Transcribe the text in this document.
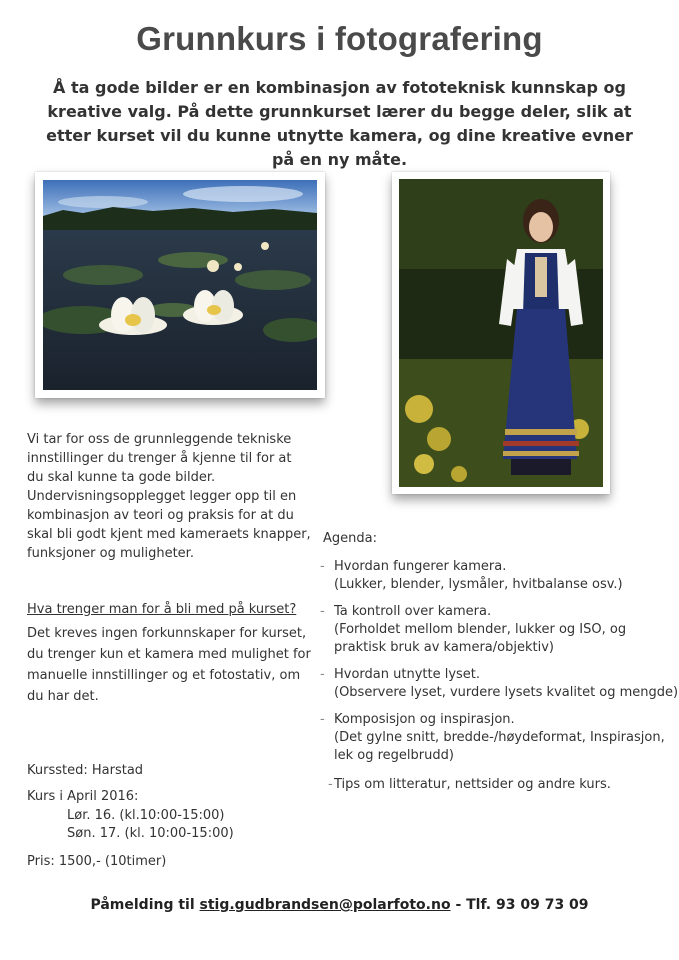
Grunnkurs i fotografering
Å ta gode bilder er en kombinasjon av fototeknisk kunnskap og kreative valg. På dette grunnkurset lærer du begge deler, slik at etter kurset vil du kunne utnytte kamera, og dine kreative evner på en ny måte.
Vi tar for oss de grunnleggende tekniske innstillinger du trenger å kjenne til for at du skal kunne ta gode bilder. Undervisningsopplegget legger opp til en kombinasjon av teori og praksis for at du skal bli godt kjent med kameraets knapper, funksjoner og muligheter.
Hva trenger man for å bli med på kurset?
Det kreves ingen forkunnskaper for kurset, du trenger kun et kamera med mulighet for manuelle innstillinger og et fotostativ, om du har det.
Kurssted: Harstad
Kurs i April 2016:
Lør. 16. (kl.10:00-15:00)
Søn. 17. (kl. 10:00-15:00)
Pris: 1500,- (10timer)
Agenda:
- Hvordan fungerer kamera.
(Lukker, blender, lysmåler, hvitbalanse osv.)
- Ta kontroll over kamera.
(Forholdet mellom blender, lukker og ISO, og
praktisk bruk av kamera/objektiv)
- Hvordan utnytte lyset.
(Observere lyset, vurdere lysets kvalitet og mengde)
- Komposisjon og inspirasjon.
(Det gylne snitt, bredde-/høydeformat, Inspirasjon,
lek og regelbrudd)
- Tips om litteratur, nettsider og andre kurs.
Påmelding til stig.gudbrandsen@polarfoto.no - Tlf. 93 09 73 09
